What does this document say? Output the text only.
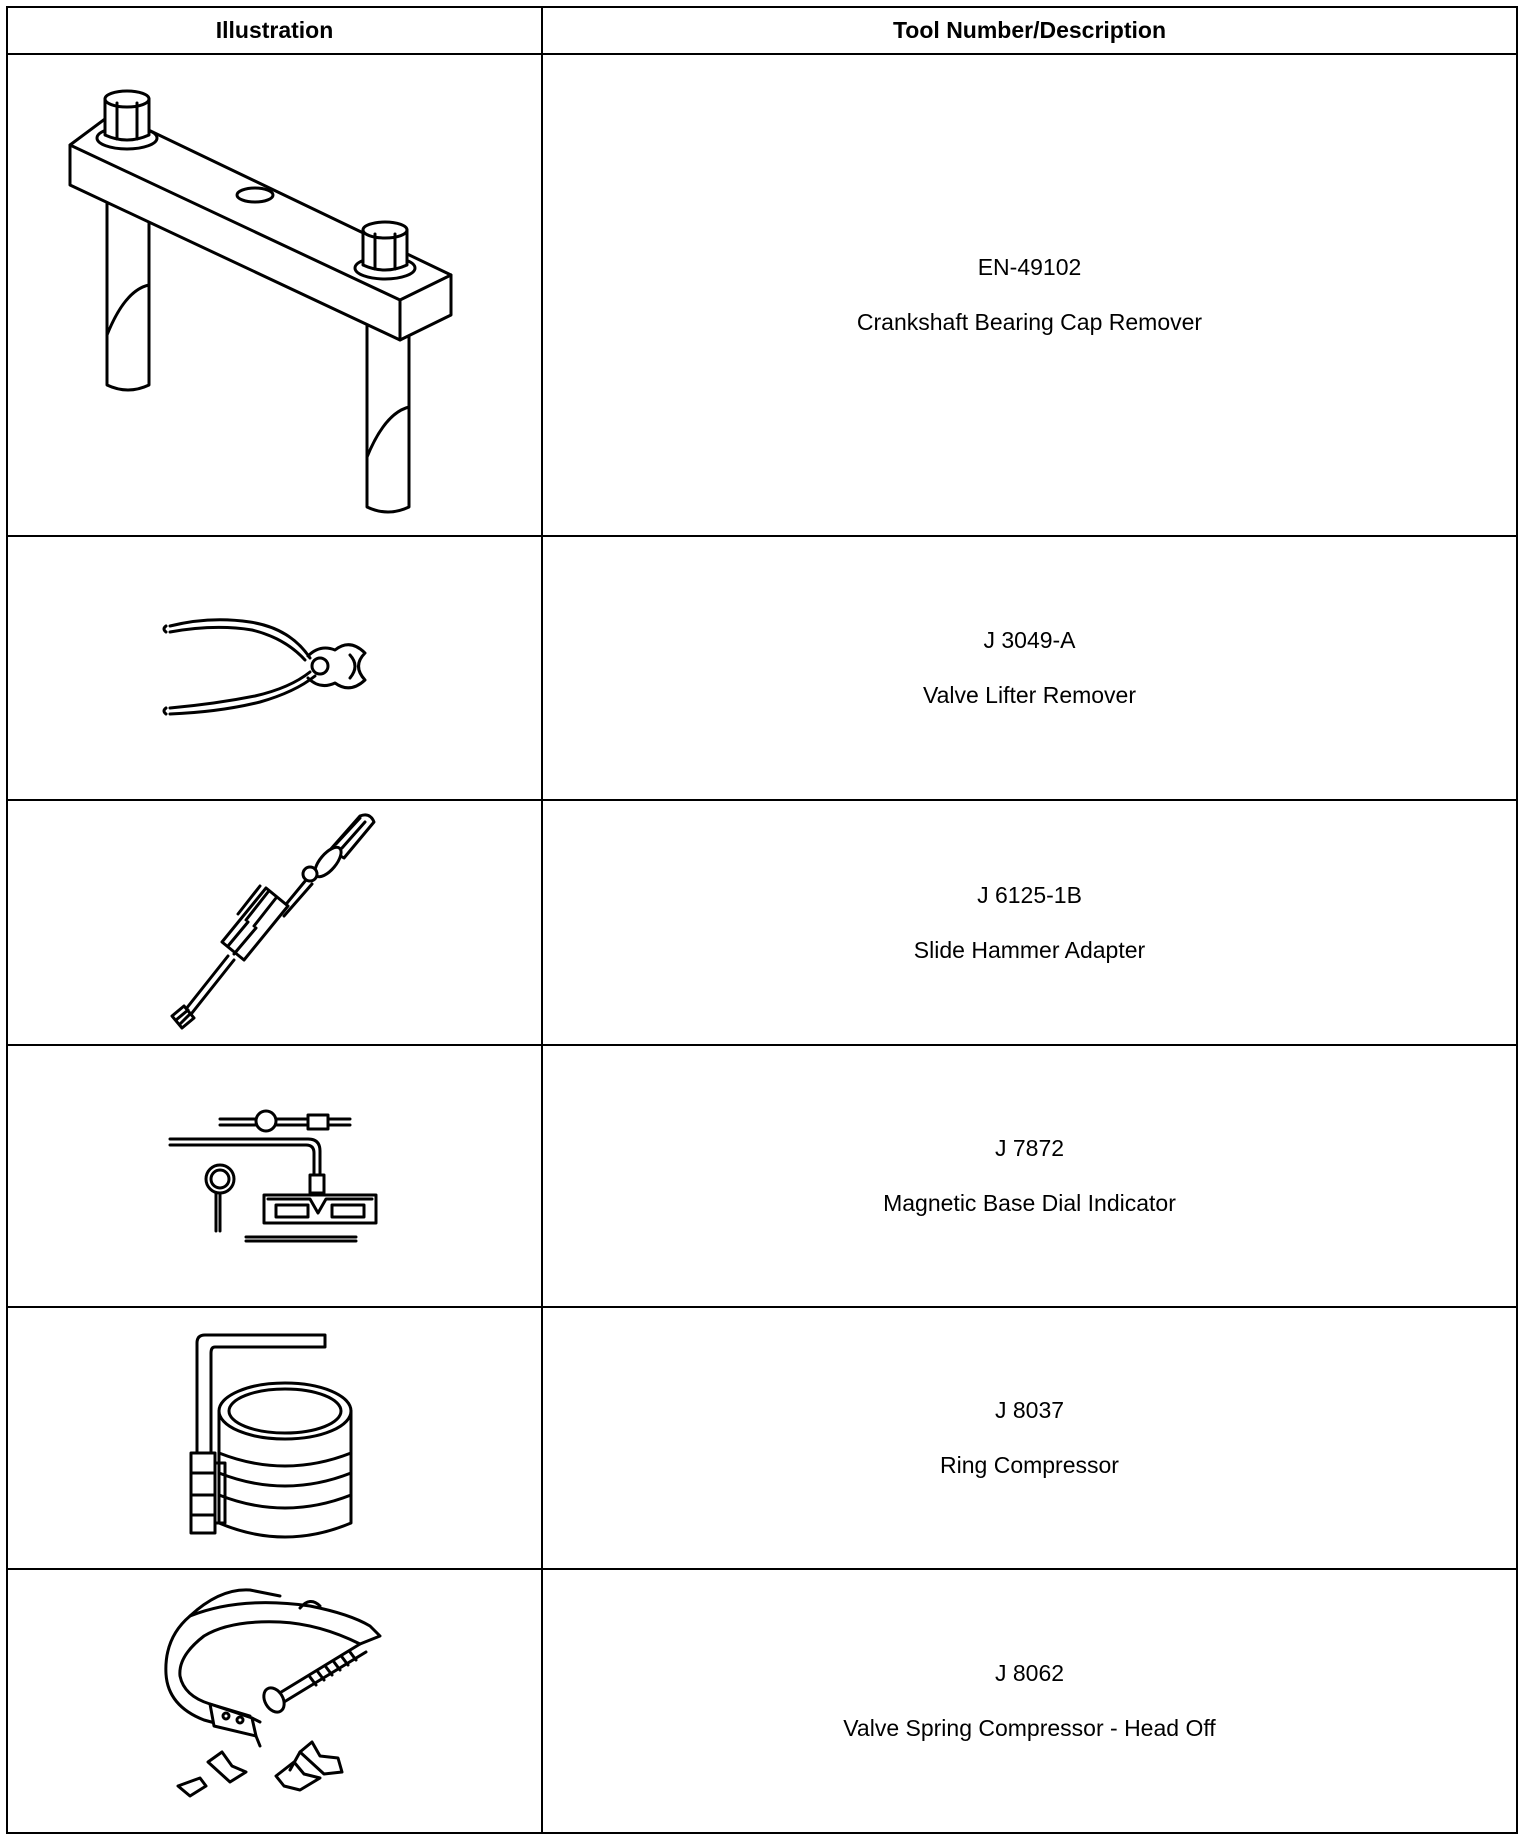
Illustration	Tool Number/Description

EN-49102
Crankshaft Bearing Cap Remover

J 3049-A
Valve Lifter Remover

J 6125-1B
Slide Hammer Adapter

J 7872
Magnetic Base Dial Indicator

J 8037
Ring Compressor

J 8062
Valve Spring Compressor - Head Off
